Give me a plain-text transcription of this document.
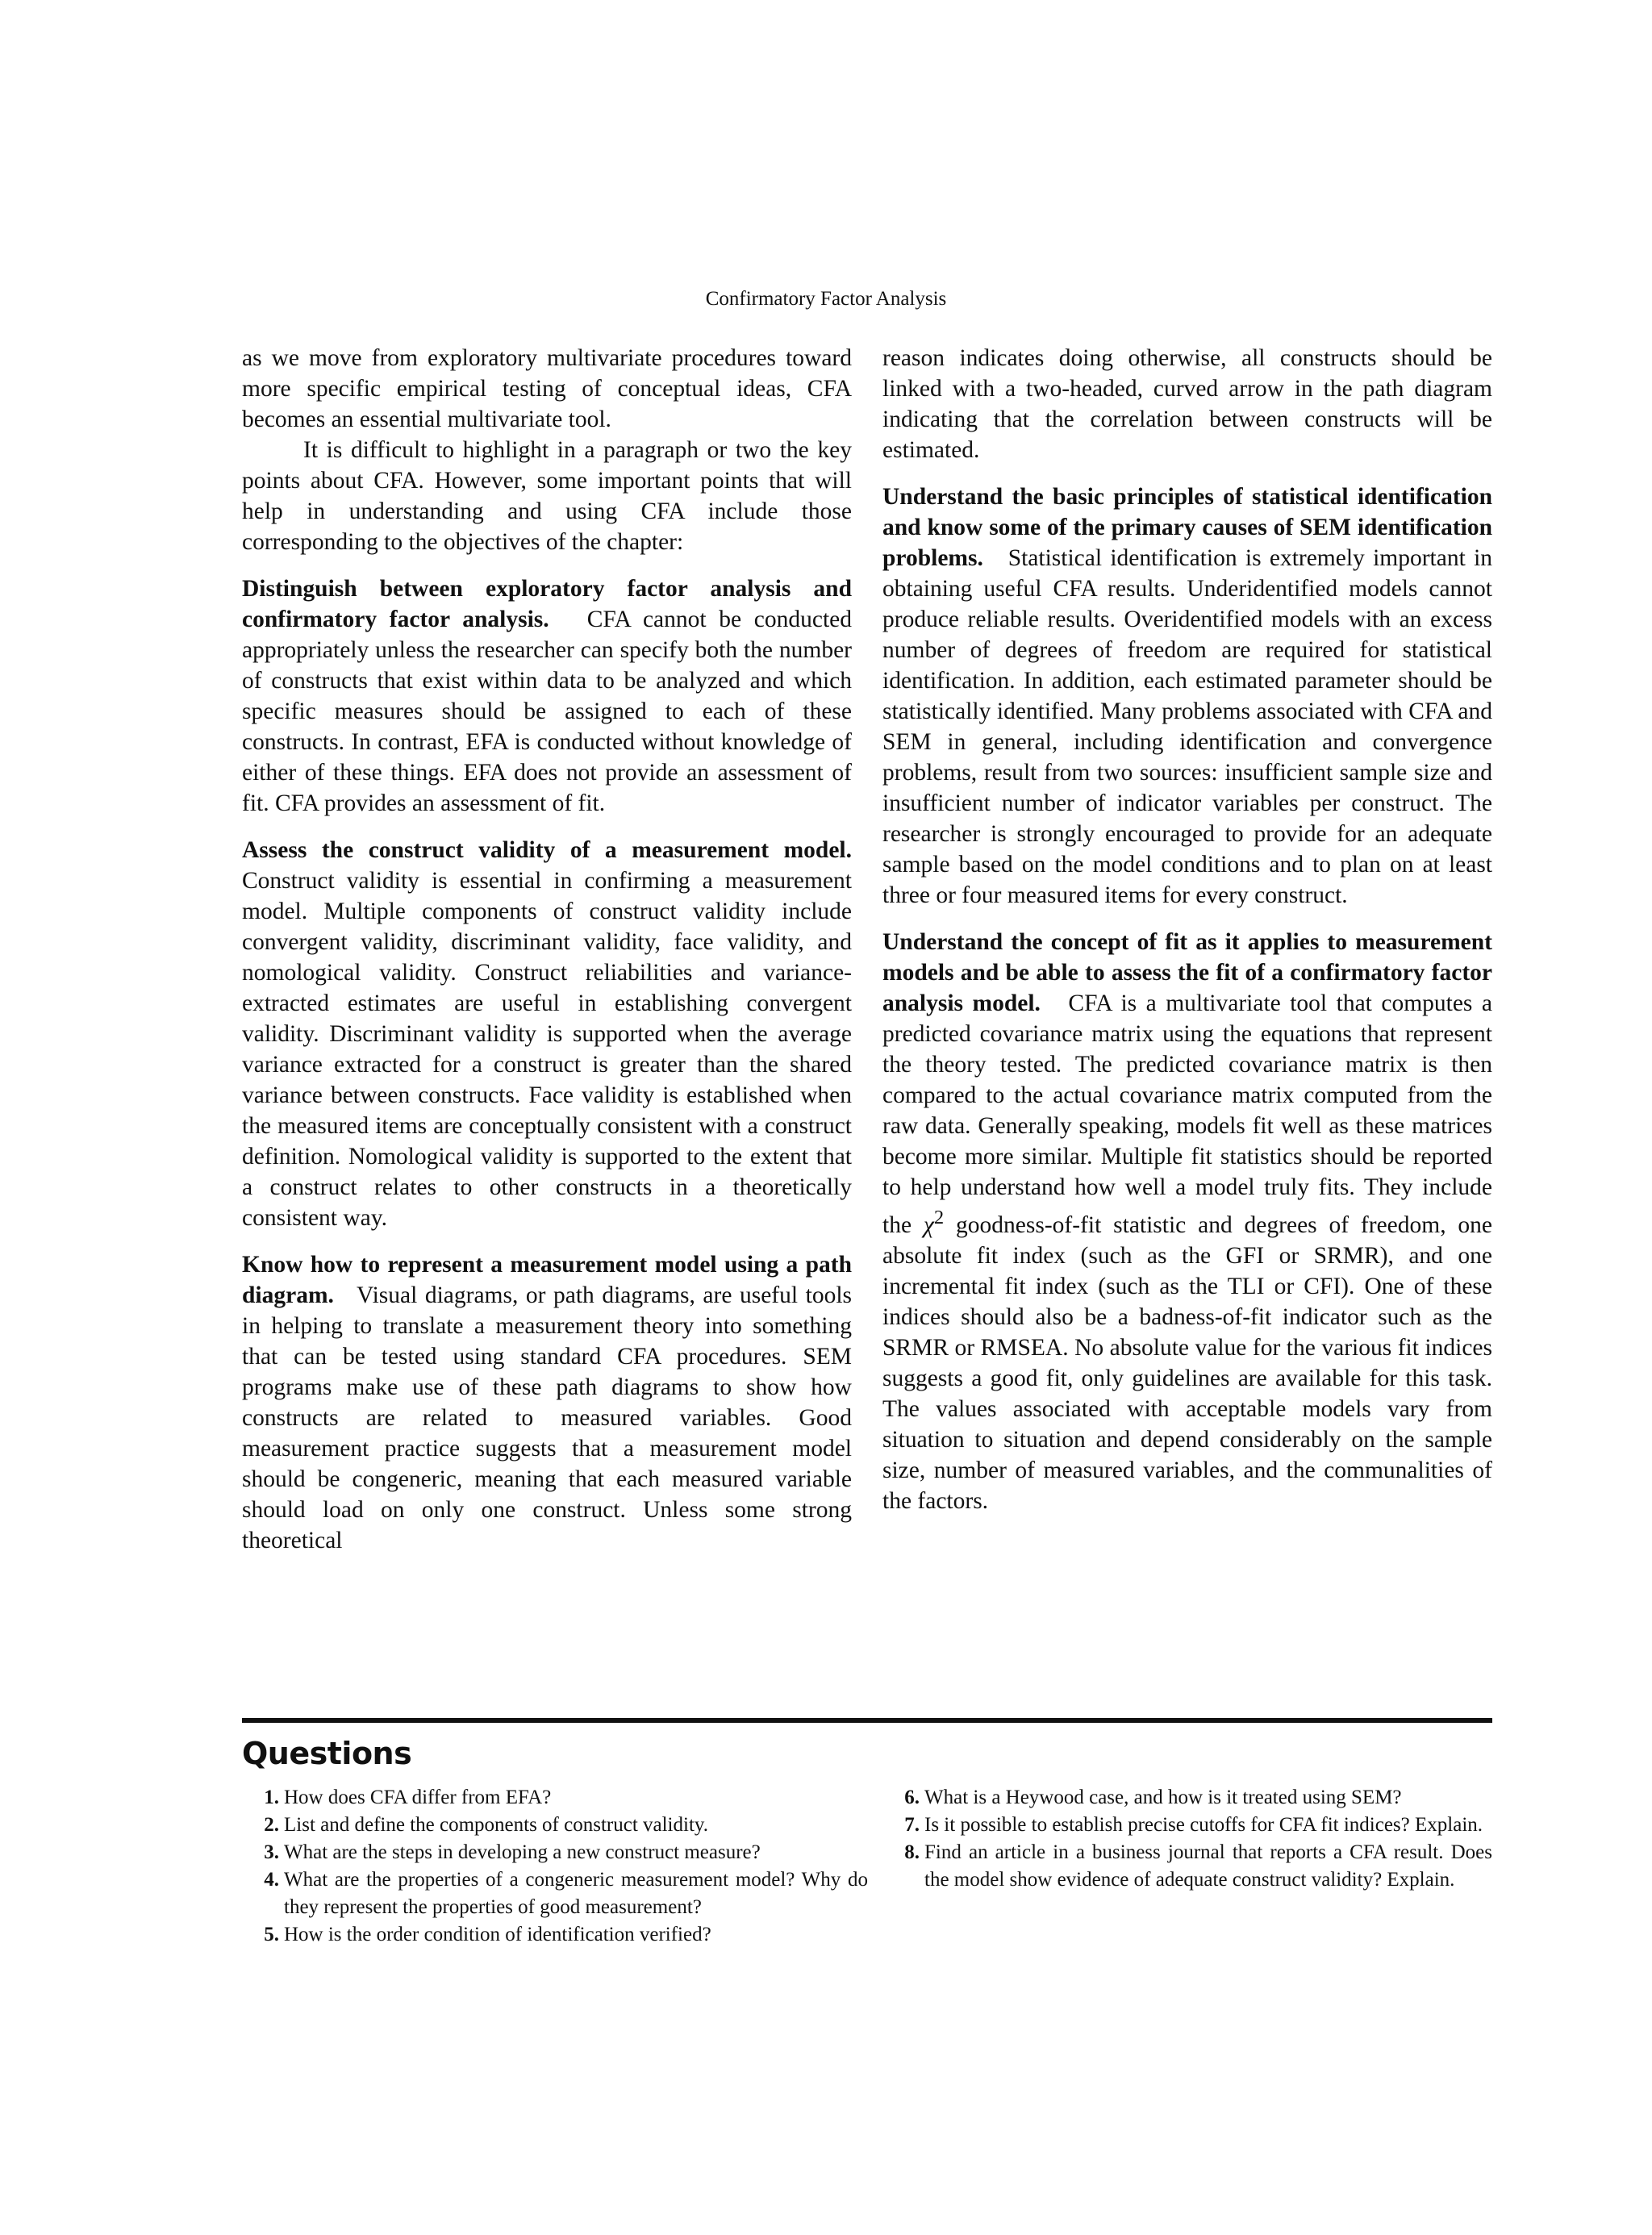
Confirmatory Factor Analysis

as we move from exploratory multivariate procedures toward more specific empirical testing of conceptual ideas, CFA becomes an essential multivariate tool.

It is difficult to highlight in a paragraph or two the key points about CFA. However, some important points that will help in understanding and using CFA include those corresponding to the objectives of the chapter:

Distinguish between exploratory factor analysis and confirmatory factor analysis. CFA cannot be conducted appropriately unless the researcher can specify both the number of constructs that exist within data to be analyzed and which specific measures should be assigned to each of these constructs. In contrast, EFA is conducted without knowledge of either of these things. EFA does not provide an assessment of fit. CFA provides an assessment of fit.

Assess the construct validity of a measurement model. Construct validity is essential in confirming a measurement model. Multiple components of construct validity include convergent validity, discriminant validity, face validity, and nomological validity. Construct reliabilities and variance-extracted estimates are useful in establishing convergent validity. Discriminant validity is supported when the average variance extracted for a construct is greater than the shared variance between constructs. Face validity is established when the measured items are conceptually consistent with a construct definition. Nomological validity is supported to the extent that a construct relates to other constructs in a theoretically consistent way.

Know how to represent a measurement model using a path diagram. Visual diagrams, or path diagrams, are useful tools in helping to translate a measurement theory into something that can be tested using standard CFA procedures. SEM programs make use of these path diagrams to show how constructs are related to measured variables. Good measurement practice suggests that a measurement model should be congeneric, meaning that each measured variable should load on only one construct. Unless some strong theoretical

reason indicates doing otherwise, all constructs should be linked with a two-headed, curved arrow in the path diagram indicating that the correlation between constructs will be estimated.

Understand the basic principles of statistical identification and know some of the primary causes of SEM identification problems. Statistical identification is extremely important in obtaining useful CFA results. Underidentified models cannot produce reliable results. Overidentified models with an excess number of degrees of freedom are required for statistical identification. In addition, each estimated parameter should be statistically identified. Many problems associated with CFA and SEM in general, including identification and convergence problems, result from two sources: insufficient sample size and insufficient number of indicator variables per construct. The researcher is strongly encouraged to provide for an adequate sample based on the model conditions and to plan on at least three or four measured items for every construct.

Understand the concept of fit as it applies to measurement models and be able to assess the fit of a confirmatory factor analysis model. CFA is a multivariate tool that computes a predicted covariance matrix using the equations that represent the theory tested. The predicted covariance matrix is then compared to the actual covariance matrix computed from the raw data. Generally speaking, models fit well as these matrices become more similar. Multiple fit statistics should be reported to help understand how well a model truly fits. They include the $\chi^2$ goodness-of-fit statistic and degrees of freedom, one absolute fit index (such as the GFI or SRMR), and one incremental fit index (such as the TLI or CFI). One of these indices should also be a badness-of-fit indicator such as the SRMR or RMSEA. No absolute value for the various fit indices suggests a good fit, only guidelines are available for this task. The values associated with acceptable models vary from situation to situation and depend considerably on the sample size, number of measured variables, and the communalities of the factors.

Questions
1 . How does CFA differ from EFA?
2 . List and define the components of construct validity.
3 . What are the steps in developing a new construct measure?
4 . What are the properties of a congeneric measurement model? Why do they represent the properties of good measurement?
5 . How is the order condition of identification verified?
6 . What is a Heywood case, and how is it treated using SEM?
7 . Is it possible to establish precise cutoffs for CFA fit indices? Explain.
8 . Find an article in a business journal that reports a CFA result. Does the model show evidence of adequate construct validity? Explain.
